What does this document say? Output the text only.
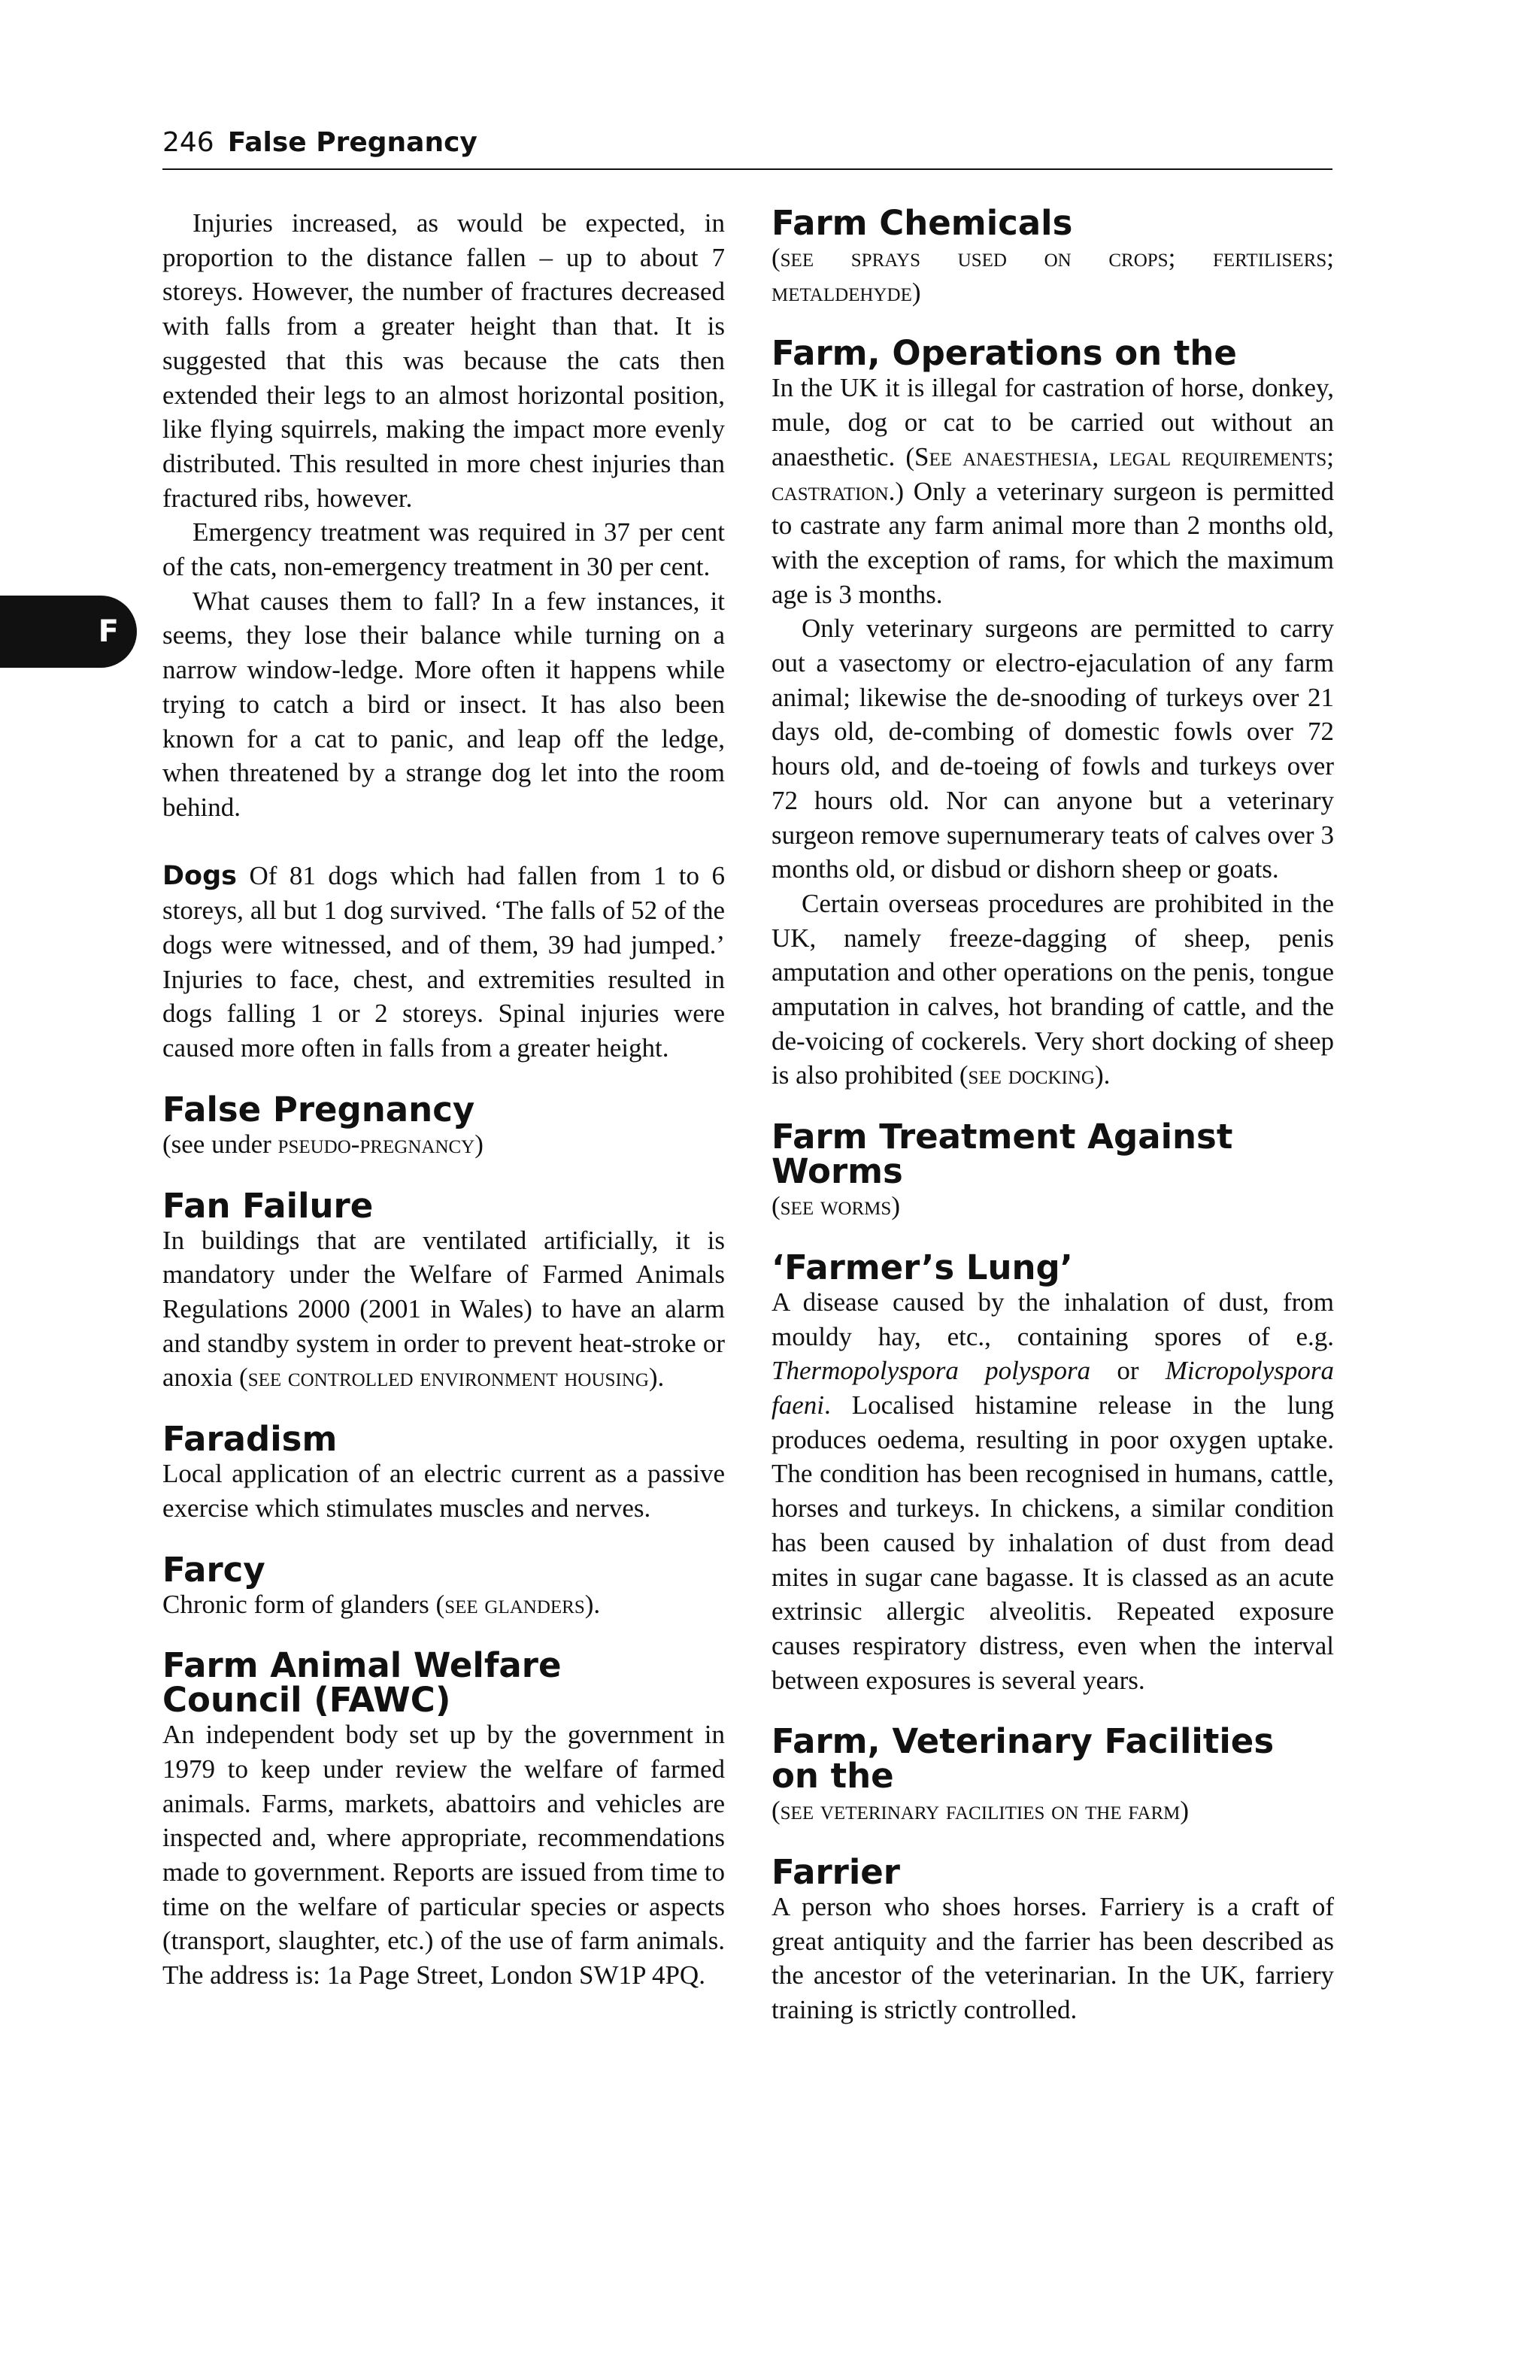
246 False Pregnancy
F

Injuries increased, as would be expected, in proportion to the distance fallen – up to about 7 storeys. However, the number of fractures decreased with falls from a greater height than that. It is suggested that this was because the cats then extended their legs to an almost horizontal position, like flying squirrels, making the impact more evenly distributed. This resulted in more chest injuries than fractured ribs, however.

Emergency treatment was required in 37 per cent of the cats, non-emergency treatment in 30 per cent.

What causes them to fall? In a few instances, it seems, they lose their balance while turning on a narrow window-ledge. More often it happens while trying to catch a bird or insect. It has also been known for a cat to panic, and leap off the ledge, when threatened by a strange dog let into the room behind.

Dogs Of 81 dogs which had fallen from 1 to 6 storeys, all but 1 dog survived. ‘The falls of 52 of the dogs were witnessed, and of them, 39 had jumped.’ Injuries to face, chest, and extremities resulted in dogs falling 1 or 2 storeys. Spinal injuries were caused more often in falls from a greater height.

False Pregnancy
(see under pseudo-pregnancy)
Fan Failure

In buildings that are ventilated artificially, it is mandatory under the Welfare of Farmed Animals Regulations 2000 (2001 in Wales) to have an alarm and standby system in order to prevent heat-stroke or anoxia (see controlled environment housing).

Faradism

Local application of an electric current as a passive exercise which stimulates muscles and nerves.

Farcy

Chronic form of glanders (see glanders).

Farm Animal Welfare
Council (FAWC)

An independent body set up by the government in 1979 to keep under review the welfare of farmed animals. Farms, markets, abattoirs and vehicles are inspected and, where appropriate, recommendations made to government. Reports are issued from time to time on the welfare of particular species or aspects (transport, slaughter, etc.) of the use of farm animals. The address is: 1a Page Street, London SW1P 4PQ.

Farm Chemicals

(see sprays used on crops; fertilisers; metaldehyde)

Farm, Operations on the

In the UK it is illegal for castration of horse, donkey, mule, dog or cat to be carried out without an anaesthetic. (See anaesthesia, legal requirements; castration.) Only a veterinary surgeon is permitted to castrate any farm animal more than 2 months old, with the exception of rams, for which the maximum age is 3 months.

Only veterinary surgeons are permitted to carry out a vasectomy or electro-ejaculation of any farm animal; likewise the de-snooding of turkeys over 21 days old, de-combing of domestic fowls over 72 hours old, and de-toeing of fowls and turkeys over 72 hours old. Nor can anyone but a veterinary surgeon remove supernumerary teats of calves over 3 months old, or disbud or dishorn sheep or goats.

Certain overseas procedures are prohibited in the UK, namely freeze-dagging of sheep, penis amputation and other operations on the penis, tongue amputation in calves, hot branding of cattle, and the de-voicing of cockerels. Very short docking of sheep is also prohibited (see docking).

Farm Treatment Against
Worms
(see worms)
‘Farmer’s Lung’

A disease caused by the inhalation of dust, from mouldy hay, etc., containing spores of e.g. Thermopolyspora polyspora or Micropolyspora faeni. Localised histamine release in the lung produces oedema, resulting in poor oxygen uptake. The condition has been recognised in humans, cattle, horses and turkeys. In chickens, a similar condition has been caused by inhalation of dust from dead mites in sugar cane bagasse. It is classed as an acute extrinsic allergic alveolitis. Repeated exposure causes respiratory distress, even when the interval between exposures is several years.

Farm, Veterinary Facilities
on the
(see veterinary facilities on the farm)
Farrier

A person who shoes horses. Farriery is a craft of great antiquity and the farrier has been described as the ancestor of the veterinarian. In the UK, farriery training is strictly controlled.
